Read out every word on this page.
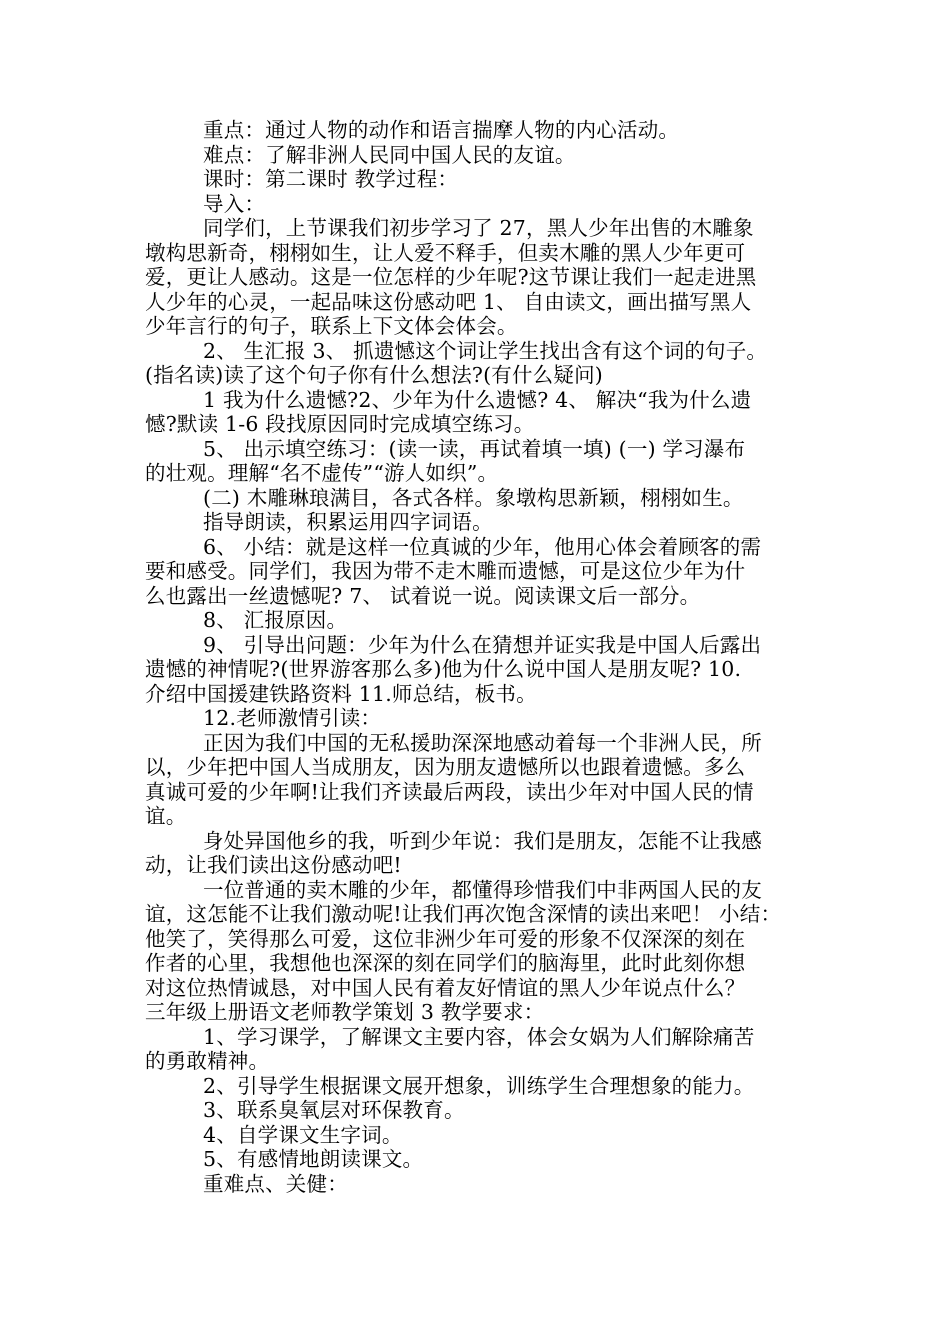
重点：通过人物的动作和语言揣摩人物的内心活动。
难点：了解非洲人民同中国人民的友谊。
课时：第二课时 教学过程：
导入：
同学们，上节课我们初步学习了 27，黑人少年出售的木雕象
墩构思新奇，栩栩如生，让人爱不释手，但卖木雕的黑人少年更可
爱，更让人感动。这是一位怎样的少年呢?这节课让我们一起走进黑
人少年的心灵，一起品味这份感动吧 1、 自由读文，画出描写黑人
少年言行的句子，联系上下文体会体会。
2、 生汇报 3、 抓遗憾这个词让学生找出含有这个词的句子。
(指名读)读了这个句子你有什么想法?(有什么疑问)
1 我为什么遗憾?2、少年为什么遗憾? 4、 解决“我为什么遗
憾?默读 1-6 段找原因同时完成填空练习。
5、 出示填空练习：(读一读，再试着填一填) (一) 学习瀑布
的壮观。理解“名不虚传”“游人如织”。
(二) 木雕琳琅满目，各式各样。象墩构思新颖，栩栩如生。
指导朗读，积累运用四字词语。
6、 小结：就是这样一位真诚的少年，他用心体会着顾客的需
要和感受。同学们，我因为带不走木雕而遗憾，可是这位少年为什
么也露出一丝遗憾呢? 7、 试着说一说。阅读课文后一部分。
8、 汇报原因。
9、 引导出问题：少年为什么在猜想并证实我是中国人后露出
遗憾的神情呢?(世界游客那么多)他为什么说中国人是朋友呢? 10.
介绍中国援建铁路资料 11.师总结，板书。
12.老师激情引读：
正因为我们中国的无私援助深深地感动着每一个非洲人民，所
以，少年把中国人当成朋友，因为朋友遗憾所以也跟着遗憾。多么
真诚可爱的少年啊!让我们齐读最后两段，读出少年对中国人民的情
谊。
身处异国他乡的我，听到少年说：我们是朋友，怎能不让我感
动，让我们读出这份感动吧!
一位普通的卖木雕的少年，都懂得珍惜我们中非两国人民的友
谊，这怎能不让我们激动呢!让我们再次饱含深情的读出来吧！ 小结：
他笑了，笑得那么可爱，这位非洲少年可爱的形象不仅深深的刻在
作者的心里，我想他也深深的刻在同学们的脑海里，此时此刻你想
对这位热情诚恳，对中国人民有着友好情谊的黑人少年说点什么？
三年级上册语文老师教学策划 3 教学要求：
1、学习课学，了解课文主要内容，体会女娲为人们解除痛苦
的勇敢精神。
2、引导学生根据课文展开想象，训练学生合理想象的能力。
3、联系臭氧层对环保教育。
4、自学课文生字词。
5、有感情地朗读课文。
重难点、关健：
